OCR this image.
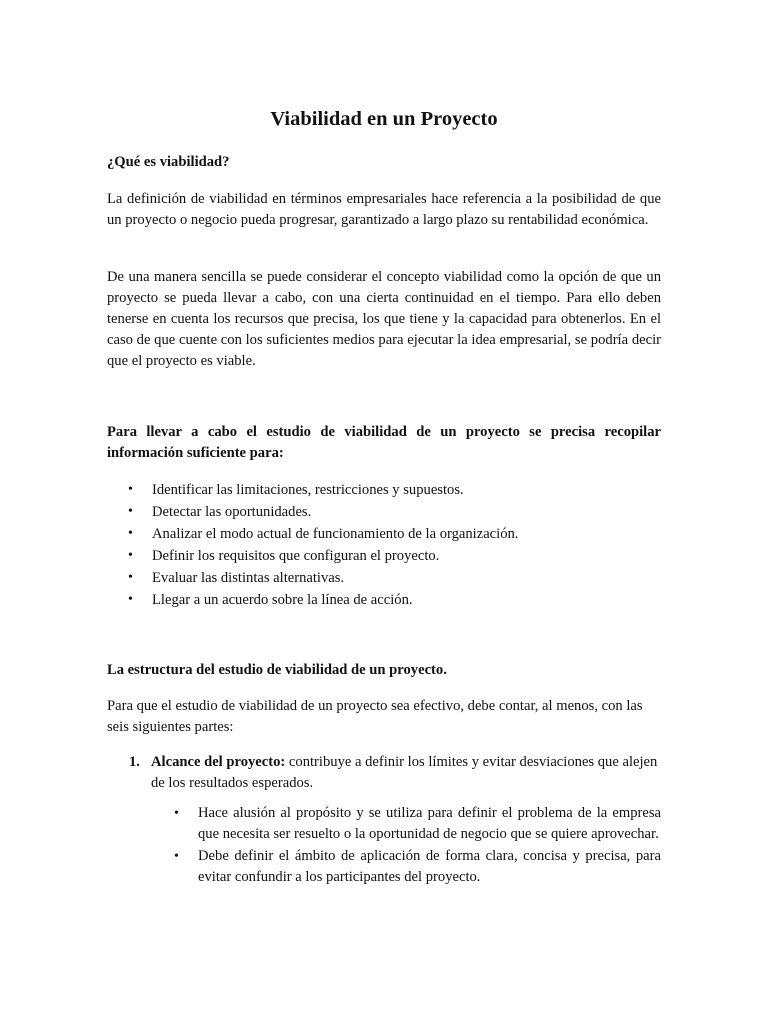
Viabilidad en un Proyecto

¿Qué es viabilidad?

La definición de viabilidad en términos empresariales hace referencia a la posibilidad de que un proyecto o negocio pueda progresar, garantizado a largo plazo su rentabilidad económica.

De una manera sencilla se puede considerar el concepto viabilidad como la opción de que un proyecto se pueda llevar a cabo, con una cierta continuidad en el tiempo. Para ello deben tenerse en cuenta los recursos que precisa, los que tiene y la capacidad para obtenerlos. En el caso de que cuente con los suficientes medios para ejecutar la idea empresarial, se podría decir que el proyecto es viable.

Para llevar a cabo el estudio de viabilidad de un proyecto se precisa recopilar información suficiente para:

• Identificar las limitaciones, restricciones y supuestos.
• Detectar las oportunidades.
• Analizar el modo actual de funcionamiento de la organización.
• Definir los requisitos que configuran el proyecto.
• Evaluar las distintas alternativas.
• Llegar a un acuerdo sobre la línea de acción.

La estructura del estudio de viabilidad de un proyecto.

Para que el estudio de viabilidad de un proyecto sea efectivo, debe contar, al menos, con las seis siguientes partes:

1. Alcance del proyecto: contribuye a definir los límites y evitar desviaciones que alejen de los resultados esperados.
• Hace alusión al propósito y se utiliza para definir el problema de la empresa que necesita ser resuelto o la oportunidad de negocio que se quiere aprovechar.
• Debe definir el ámbito de aplicación de forma clara, concisa y precisa, para evitar confundir a los participantes del proyecto.
